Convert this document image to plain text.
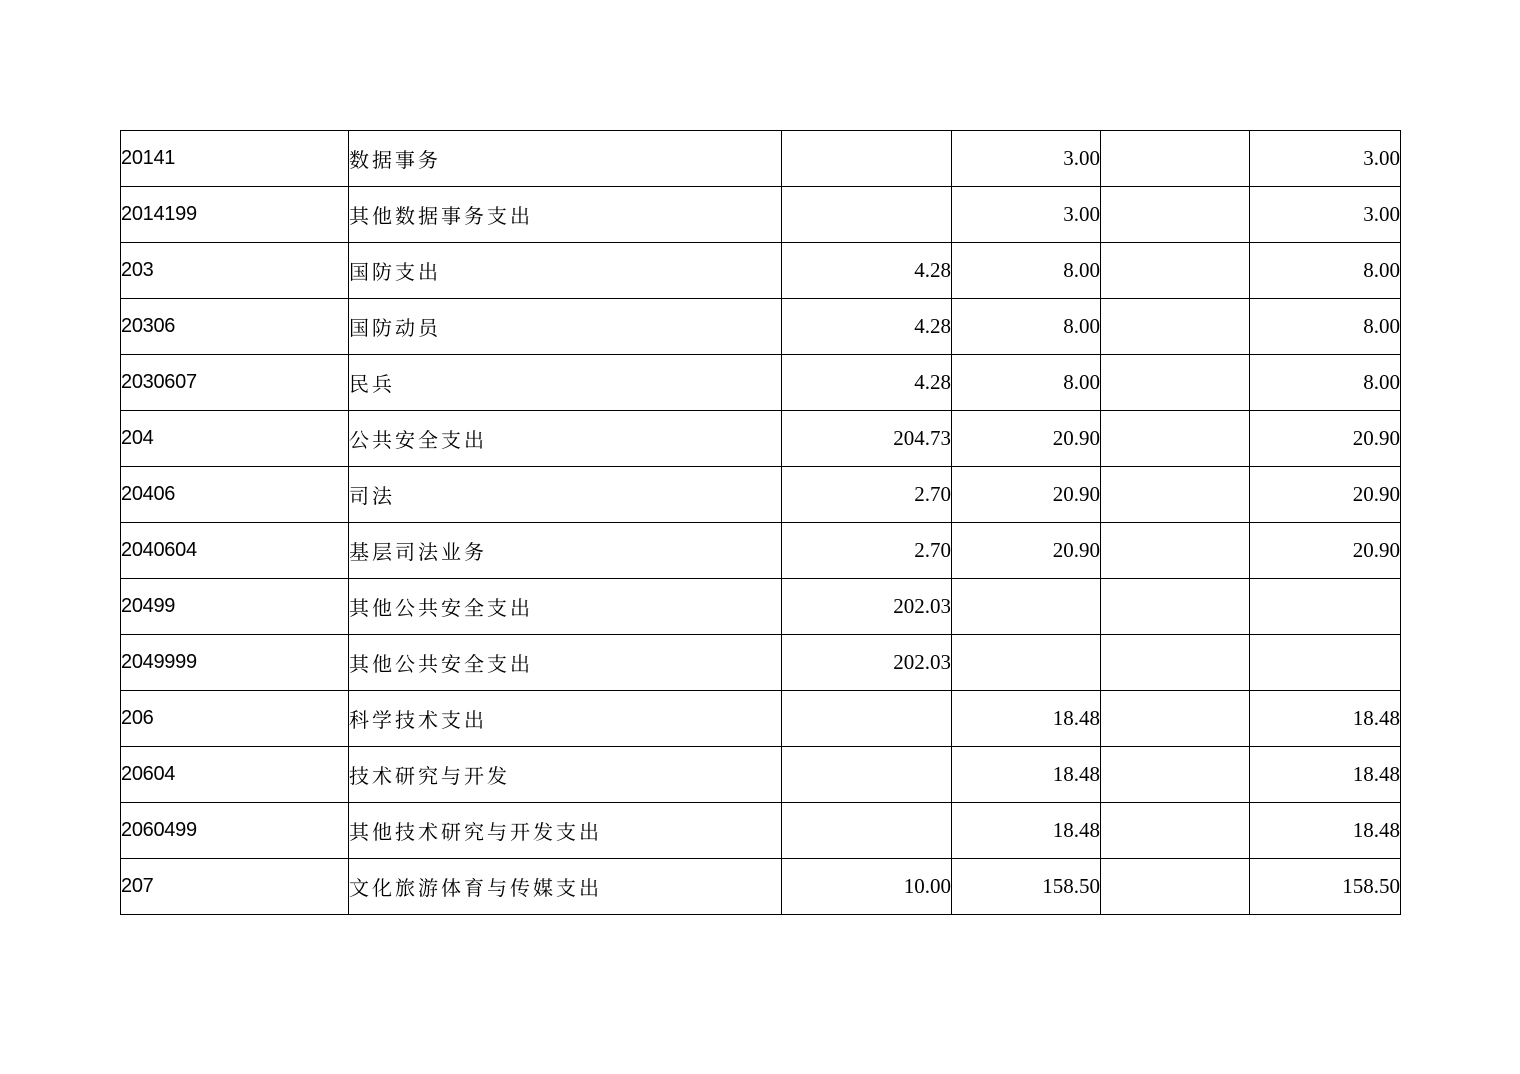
20141	数据事务		3.00		3.00
2014199	其他数据事务支出		3.00		3.00
203	国防支出	4.28	8.00		8.00
20306	国防动员	4.28	8.00		8.00
2030607	民兵	4.28	8.00		8.00
204	公共安全支出	204.73	20.90		20.90
20406	司法	2.70	20.90		20.90
2040604	基层司法业务	2.70	20.90		20.90
20499	其他公共安全支出	202.03			
2049999	其他公共安全支出	202.03			
206	科学技术支出		18.48		18.48
20604	技术研究与开发		18.48		18.48
2060499	其他技术研究与开发支出		18.48		18.48
207	文化旅游体育与传媒支出	10.00	158.50		158.50
